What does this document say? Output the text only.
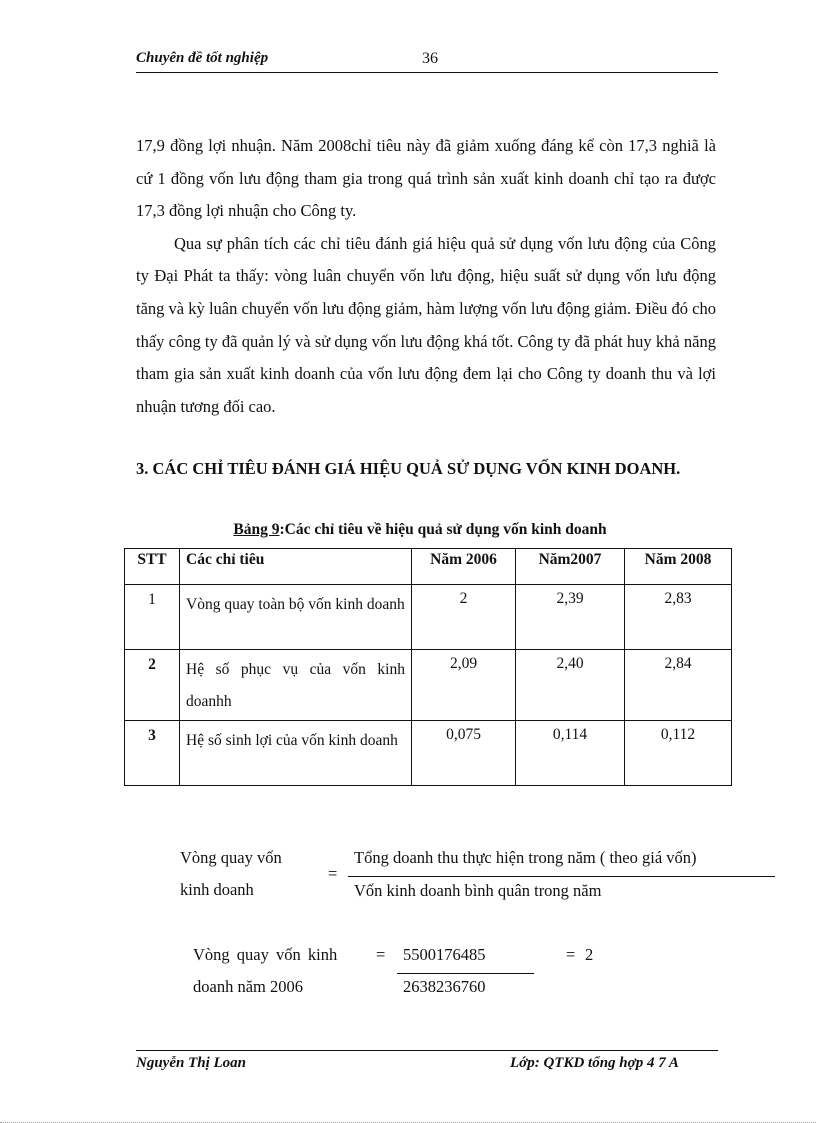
Chuyên đề tốt nghiệp	36

17,9 đồng lợi nhuận. Năm 2008chỉ tiêu này đã giảm xuống đáng kể còn 17,3 nghiã là cứ 1 đồng vốn lưu động tham gia trong quá trình sản xuất kinh doanh chỉ tạo ra được 17,3 đồng lợi nhuận cho Công ty.

Qua sự phân tích các chỉ tiêu đánh giá hiệu quả sử dụng vốn lưu động của Công ty Đại Phát ta thấy: vòng luân chuyển vốn lưu động, hiệu suất sử dụng vốn lưu động tăng và kỳ luân chuyển vốn lưu động giảm, hàm lượng vốn lưu động giảm. Điều đó cho thấy công ty đã quản lý và sử dụng vốn lưu động khá tốt. Công ty đã phát huy khả năng tham gia sản xuất kinh doanh của vốn lưu động đem lại cho Công ty doanh thu và lợi nhuận tương đối cao.

3. CÁC CHỈ TIÊU ĐÁNH GIÁ HIỆU QUẢ SỬ DỤNG VỐN KINH DOANH.
Bảng 9:Các chỉ tiêu về hiệu quả sử dụng vốn kinh doanh
STT	Các chỉ tiêu	Năm 2006	Năm2007	Năm 2008
1	Vòng quay toàn bộ vốn kinh doanh	2	2,39	2,83
2	Hệ số phục vụ của vốn kinh doanhh	2,09	2,40	2,84
3	Hệ số sinh lợi của vốn kinh doanh	0,075	0,114	0,112
Vòng quay vốn
kinh doanh
=
Tổng doanh thu thực hiện trong năm ( theo giá vốn)
Vốn kinh doanh bình quân trong năm
Vòng quay vốn kinh
doanh năm 2006
= 5500176485
2638236760
= 2
Nguyễn Thị Loan	Lớp: QTKD tổng hợp 4 7 A
